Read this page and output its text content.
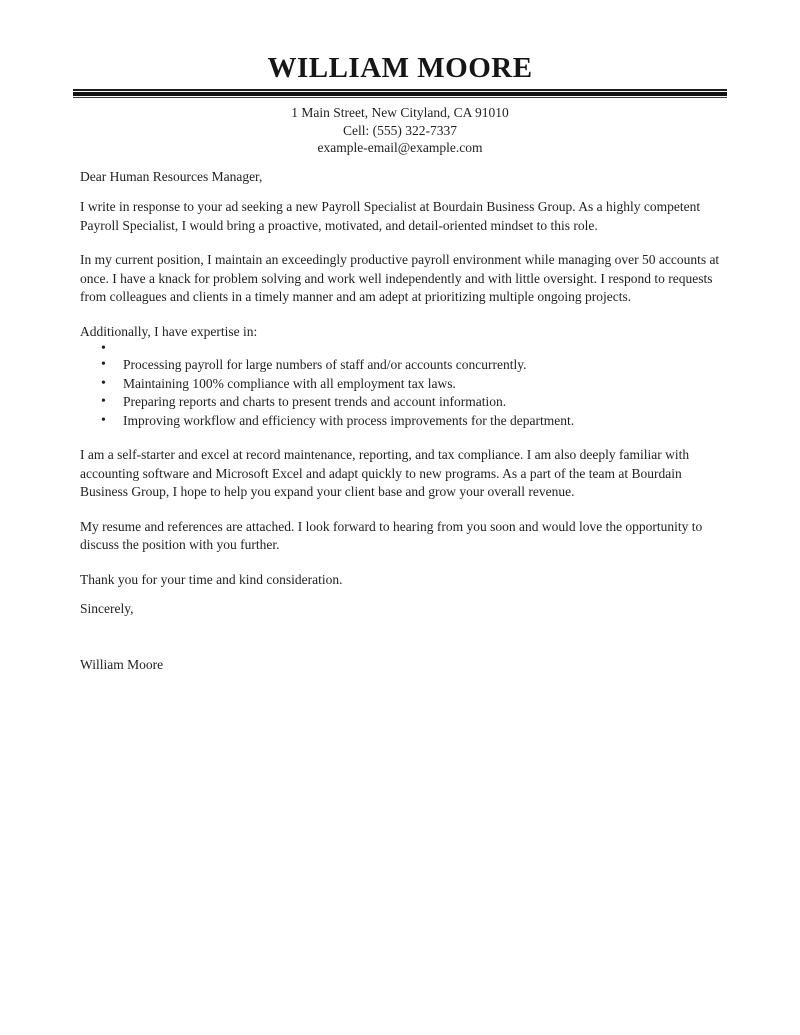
WILLIAM MOORE
1 Main Street, New Cityland, CA 91010
Cell: (555) 322-7337
example-email@example.com

Dear Human Resources Manager,

I write in response to your ad seeking a new Payroll Specialist at Bourdain Business Group. As a highly competent Payroll Specialist, I would bring a proactive, motivated, and detail-oriented mindset to this role.

In my current position, I maintain an exceedingly productive payroll environment while managing over 50 accounts at once. I have a knack for problem solving and work well independently and with little oversight. I respond to requests from colleagues and clients in a timely manner and am adept at prioritizing multiple ongoing projects.

Additionally, I have expertise in:

•
• Processing payroll for large numbers of staff and/or accounts concurrently.
• Maintaining 100% compliance with all employment tax laws.
• Preparing reports and charts to present trends and account information.
• Improving workflow and efficiency with process improvements for the department.

I am a self-starter and excel at record maintenance, reporting, and tax compliance. I am also deeply familiar with accounting software and Microsoft Excel and adapt quickly to new programs. As a part of the team at Bourdain Business Group, I hope to help you expand your client base and grow your overall revenue.

My resume and references are attached. I look forward to hearing from you soon and would love the opportunity to discuss the position with you further.

Thank you for your time and kind consideration.

Sincerely,

William Moore
